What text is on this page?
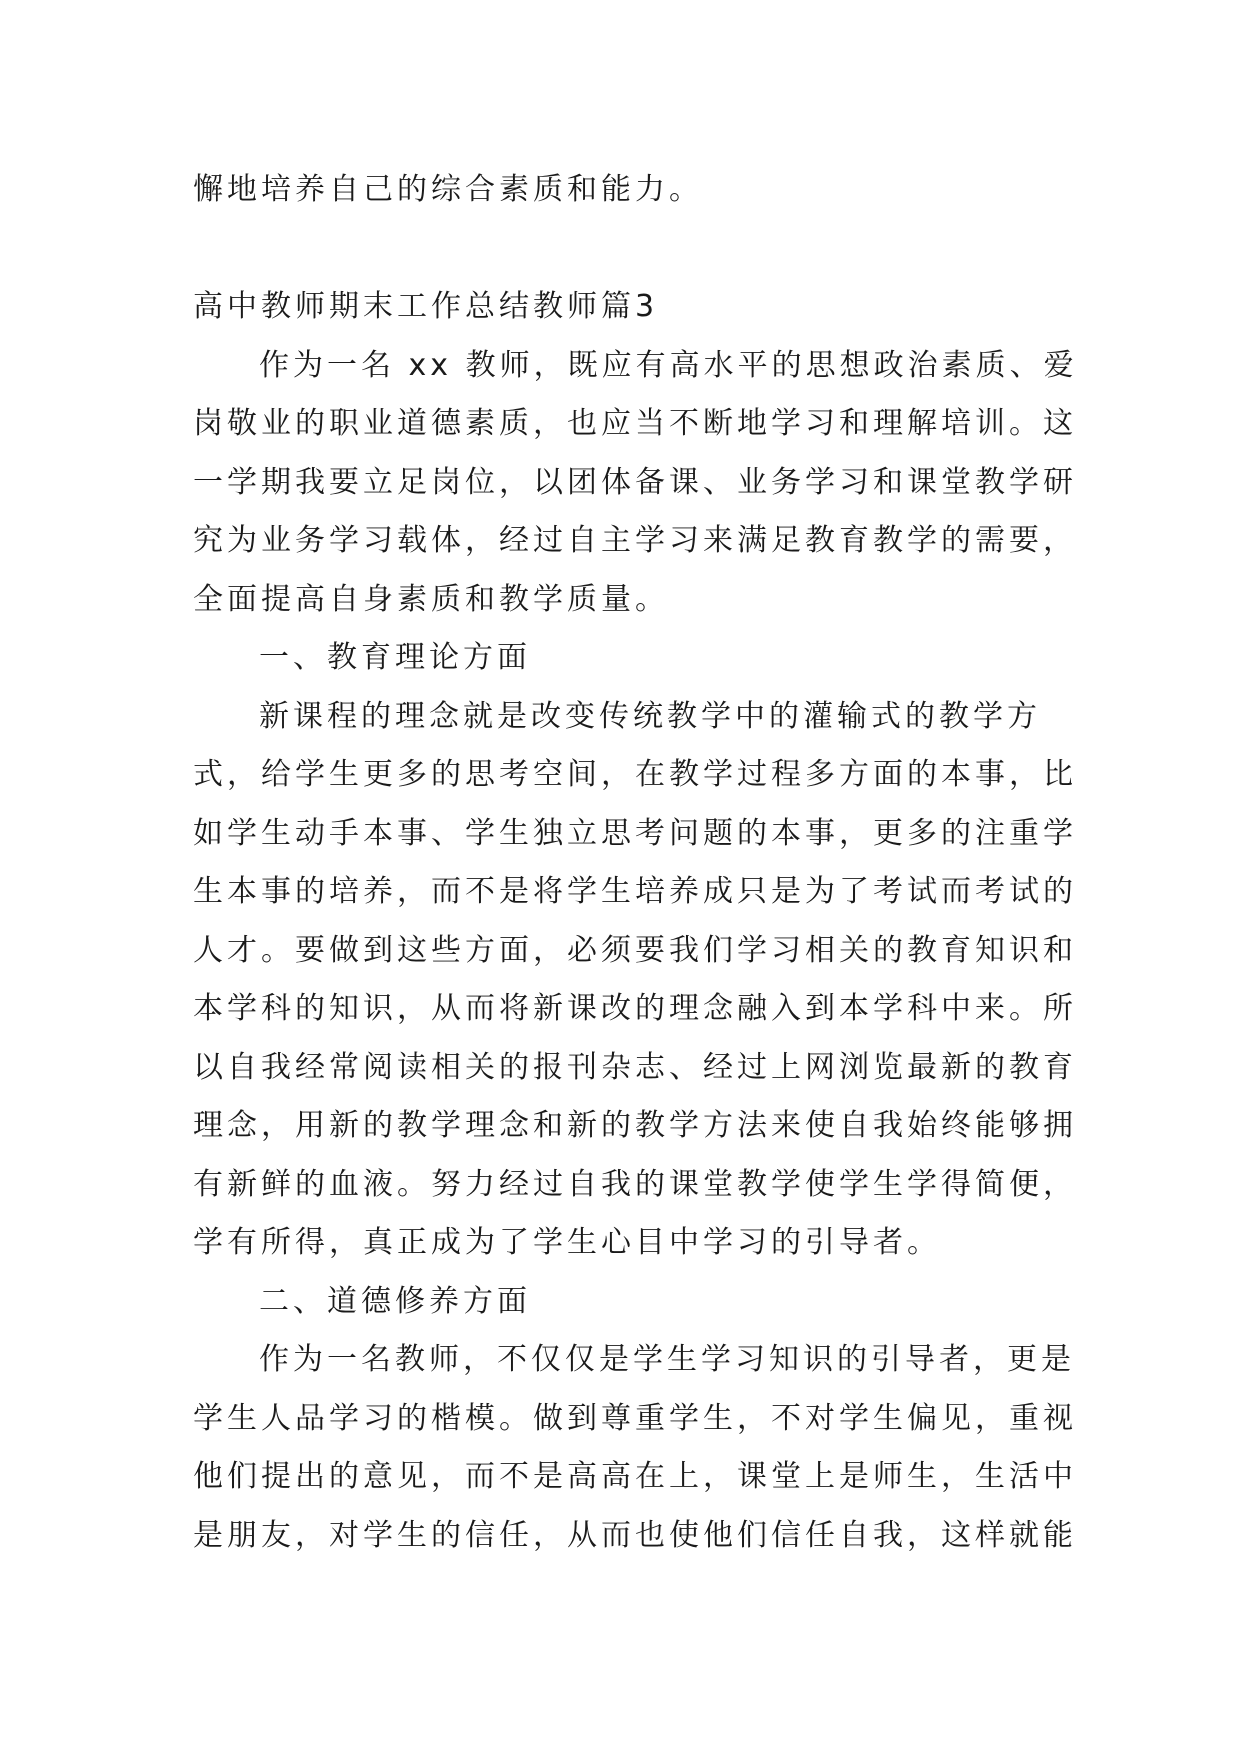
懈地培养自己的综合素质和能力。
高中教师期末工作总结教师篇3
作为一名 xx 教师，既应有高水平的思想政治素质、爱
岗敬业的职业道德素质，也应当不断地学习和理解培训。这
一学期我要立足岗位，以团体备课、业务学习和课堂教学研
究为业务学习载体，经过自主学习来满足教育教学的需要，
全面提高自身素质和教学质量。
一、教育理论方面
新课程的理念就是改变传统教学中的灌输式的教学方
式，给学生更多的思考空间，在教学过程多方面的本事，比
如学生动手本事、学生独立思考问题的本事，更多的注重学
生本事的培养，而不是将学生培养成只是为了考试而考试的
人才。要做到这些方面，必须要我们学习相关的教育知识和
本学科的知识，从而将新课改的理念融入到本学科中来。所
以自我经常阅读相关的报刊杂志、经过上网浏览最新的教育
理念，用新的教学理念和新的教学方法来使自我始终能够拥
有新鲜的血液。努力经过自我的课堂教学使学生学得简便，
学有所得，真正成为了学生心目中学习的引导者。
二、道德修养方面
作为一名教师，不仅仅是学生学习知识的引导者，更是
学生人品学习的楷模。做到尊重学生，不对学生偏见，重视
他们提出的意见，而不是高高在上，课堂上是师生，生活中
是朋友，对学生的信任，从而也使他们信任自我，这样就能
